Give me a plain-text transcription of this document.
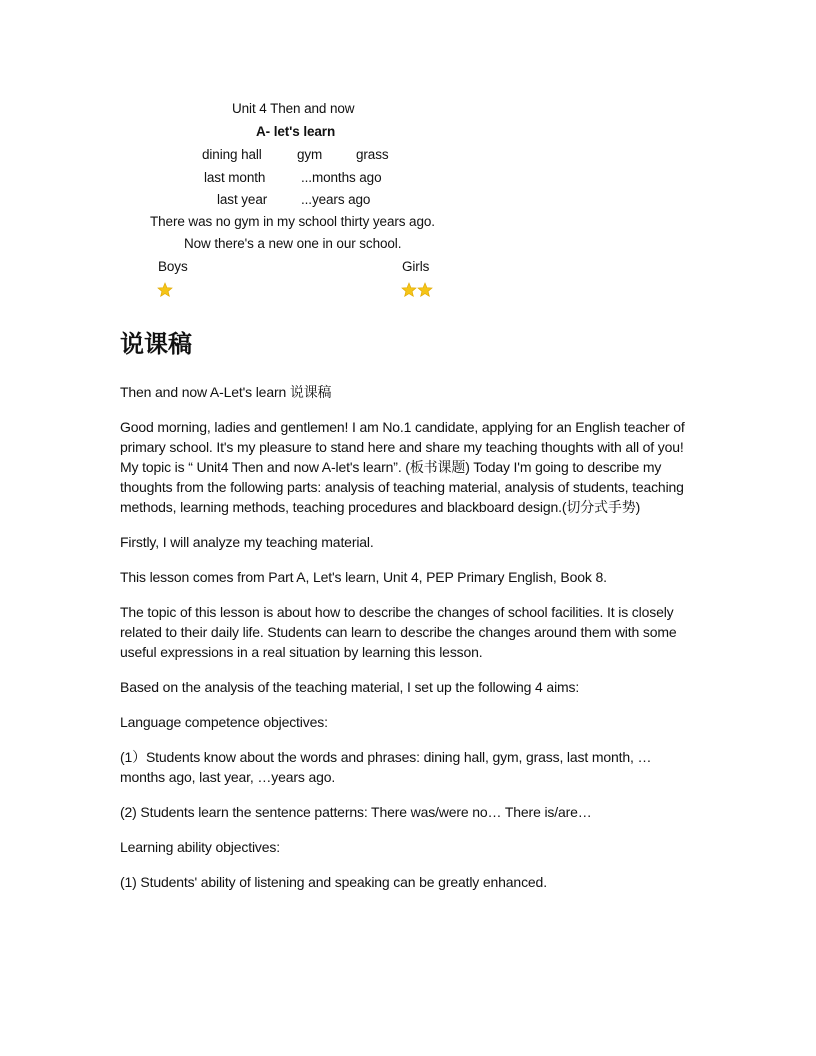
Unit 4 Then and now
A- let's learn
dining hall	gym	grass
last month	...months ago
last year	...years ago
There was no gym in my school thirty years ago.
Now there's a new one in our school.
Boys	Girls
说课稿

Then and now A-Let's learn 说课稿

Good morning, ladies and gentlemen! I am No.1 candidate, applying for an English teacher of primary school. It's my pleasure to stand here and share my teaching thoughts with all of you! My topic is “ Unit4 Then and now A-let's learn”. (板书课题) Today I'm going to describe my thoughts from the following parts: analysis of teaching material, analysis of students, teaching methods, learning methods, teaching procedures and blackboard design.(切分式手势)

Firstly, I will analyze my teaching material.

This lesson comes from Part A, Let's learn, Unit 4, PEP Primary English, Book 8.

The topic of this lesson is about how to describe the changes of school facilities. It is closely related to their daily life. Students can learn to describe the changes around them with some useful expressions in a real situation by learning this lesson.

Based on the analysis of the teaching material, I set up the following 4 aims:

Language competence objectives:

(1）Students know about the words and phrases: dining hall, gym, grass, last month, …months ago, last year, …years ago.

(2) Students learn the sentence patterns: There was/were no… There is/are…

Learning ability objectives:

(1) Students' ability of listening and speaking can be greatly enhanced.
